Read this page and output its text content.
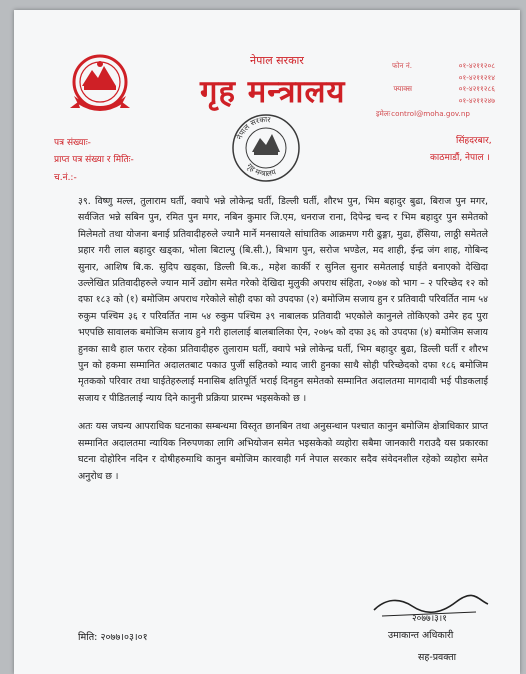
नेपाल सरकार
गृह मन्त्रालय
फोन नं.	०१-४२११२०८
०१-४२११२१४
फ्याक्स	०१-४२११२८६
०१-४२११२४७
इमेलः control@moha.gov.np
नेपाल सरकार
गृह मन्त्रालय
सिंहदरबार,
काठमाडौं, नेपाल ।
पत्र संख्याः-
प्राप्त पत्र संख्या र मितिः-
च.नं.:-

३९. विष्णु मल्ल, तुलाराम घर्ती, क्वापे भन्ने लोकेन्द्र घर्ती, डिल्ली घर्ती, शौरभ पुन, भिम बहादुर बुढा, बिराज पुन मगर, सर्वजित भन्ने सबिन पुन, रमित पुन मगर, नबिन कुमार जि.एम, धनराज राना, दिपेन्द्र चन्द र भिम बहादुर पुन समेतको मिलेमतो तथा योजना बनाई प्रतिवादीहरुले ज्यानै मार्ने मनसायले सांघातिक आक्रमण गरी ढुङ्गा, मुढा, हँसिया, लाठ्ठी समेतले प्रहार गरी लाल बहादुर खड्का, भोला बिटाल्पु (बि.सी.), बिभाग पुन, सरोज भण्डेल, मद शाही, ईन्द्र जंग शाह, गोबिन्द सुनार, आशिष बि.क. सुदिप खड्का, डिल्ली बि.क., महेश कार्की र सुनिल सुनार समेतलाई घाईते बनाएको देखिदा उल्लेखित प्रतिवादीहरुले ज्यान मार्ने उद्योग समेत गरेको देखिदा मुलुकी अपराध संहिता, २०७४ को भाग – २ परिच्छेद १२ को दफा १८३ को (१) बमोजिम अपराध गरेकोले सोही दफा को उपदफा (२) बमोजिम सजाय हुन र प्रतिवादी परिवर्तित नाम ५४ रुकुम पश्चिम ३६ र परिवर्तित नाम ५४ रुकुम पश्चिम ३९ नाबालक प्रतिवादी भएकोले कानुनले तोकिएको उमेर हद पुरा भएपछि सावालक बमोजिम सजाय हुने गरी हाललाई बालबालिका ऐन, २०७५ को दफा ३६ को उपदफा (४) बमोजिम सजाय हुनका साथै हाल फरार रहेका प्रतिवादीहरु तुलाराम घर्ती, क्वापे भन्ने लोकेन्द्र घर्ती, भिम बहादुर बुढा, डिल्ली घर्ती र शौरभ पुन को हकमा सम्मानित अदालतबाट पकाउ पुर्जी सहितको म्याद जारी हुनका साथै सोही परिच्छेदको दफा १८६ बमोजिम मृतकको परिवार तथा घाईतेहरुलाई मनासिब क्षतिपूर्ति भराई दिनहुन समेतको सम्मानित अदालतमा मागदावी भई पीडकलाई सजाय र पीडितलाई न्याय दिने कानुनी प्रक्रिया प्रारम्भ भइसकेको छ ।

अतः यस जघन्य आपराधिक घटनाका सम्बन्धमा विस्तृत छानबिन तथा अनुसन्धान पश्चात कानुन बमोजिम क्षेत्राधिकार प्राप्त सम्मानित अदालतमा न्यायिक निरुपणका लागि अभियोजन समेत भइसकेको व्यहोरा सबैमा जानकारी गराउदै यस प्रकारका घटना दोहोरिन नदिन र दोषीहरुमाथि कानुन बमोजिम कारवाही गर्न नेपाल सरकार सदैव संवेदनशील रहेको व्यहोरा समेत अनुरोध छ ।

मिति: २०७७।०३।०१
२०७७।३।१
उमाकान्त अधिकारी
सह-प्रवक्ता
